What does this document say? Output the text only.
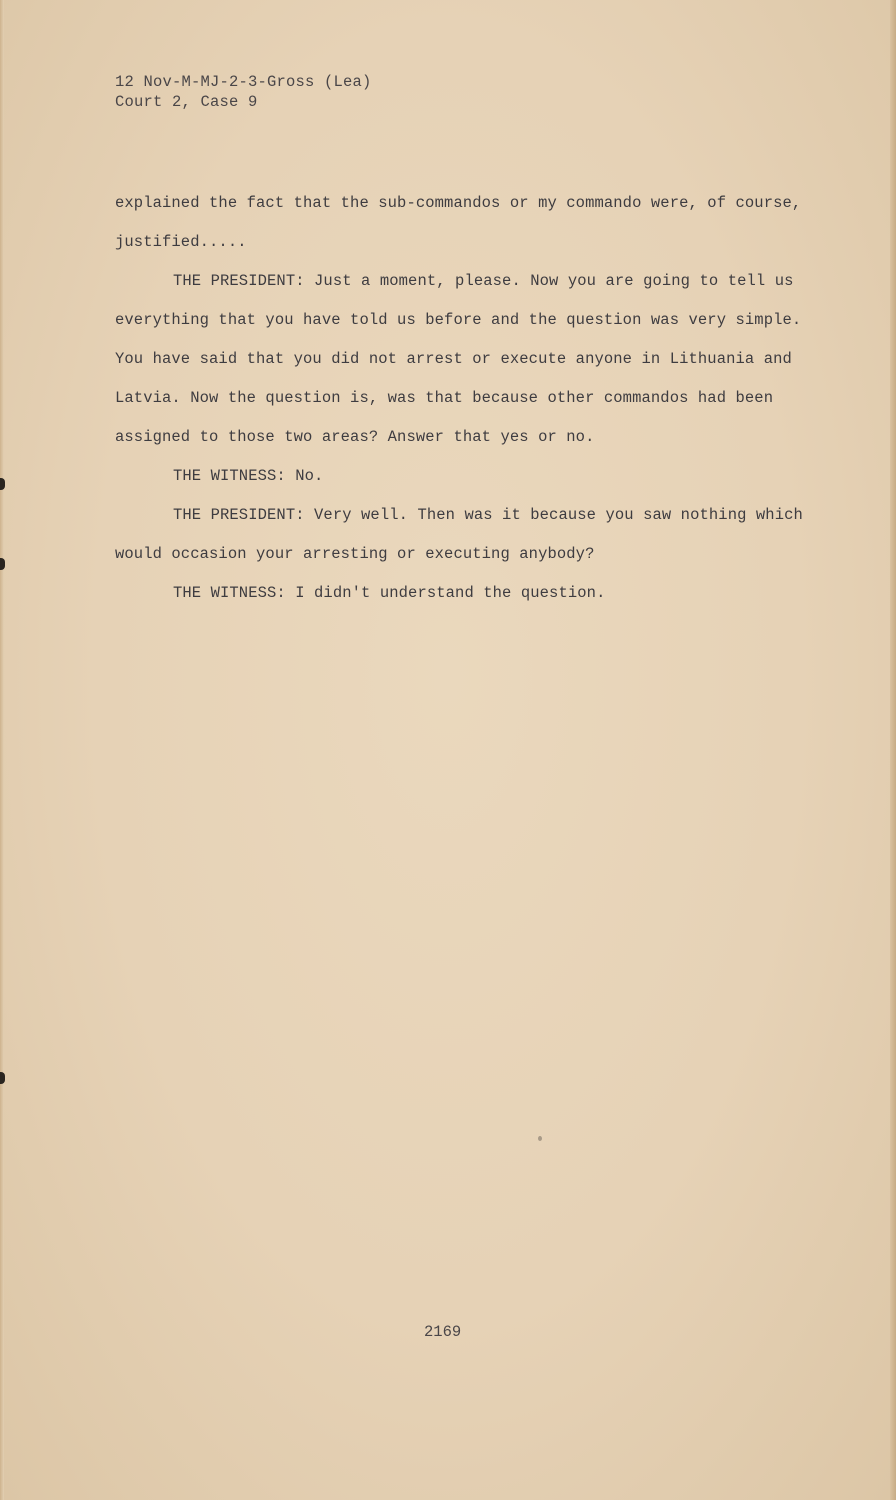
12 Nov-M-MJ-2-3-Gross (Lea)
Court 2, Case 9

explained the fact that the sub-commandos or my commando were, of course, justified.....

THE PRESIDENT: Just a moment, please. Now you are going to tell us everything that you have told us before and the question was very simple. You have said that you did not arrest or execute anyone in Lithuania and Latvia. Now the question is, was that because other commandos had been assigned to those two areas? Answer that yes or no.

THE WITNESS: No.

THE PRESIDENT: Very well. Then was it because you saw nothing which would occasion your arresting or executing anybody?

THE WITNESS: I didn't understand the question.

2169
